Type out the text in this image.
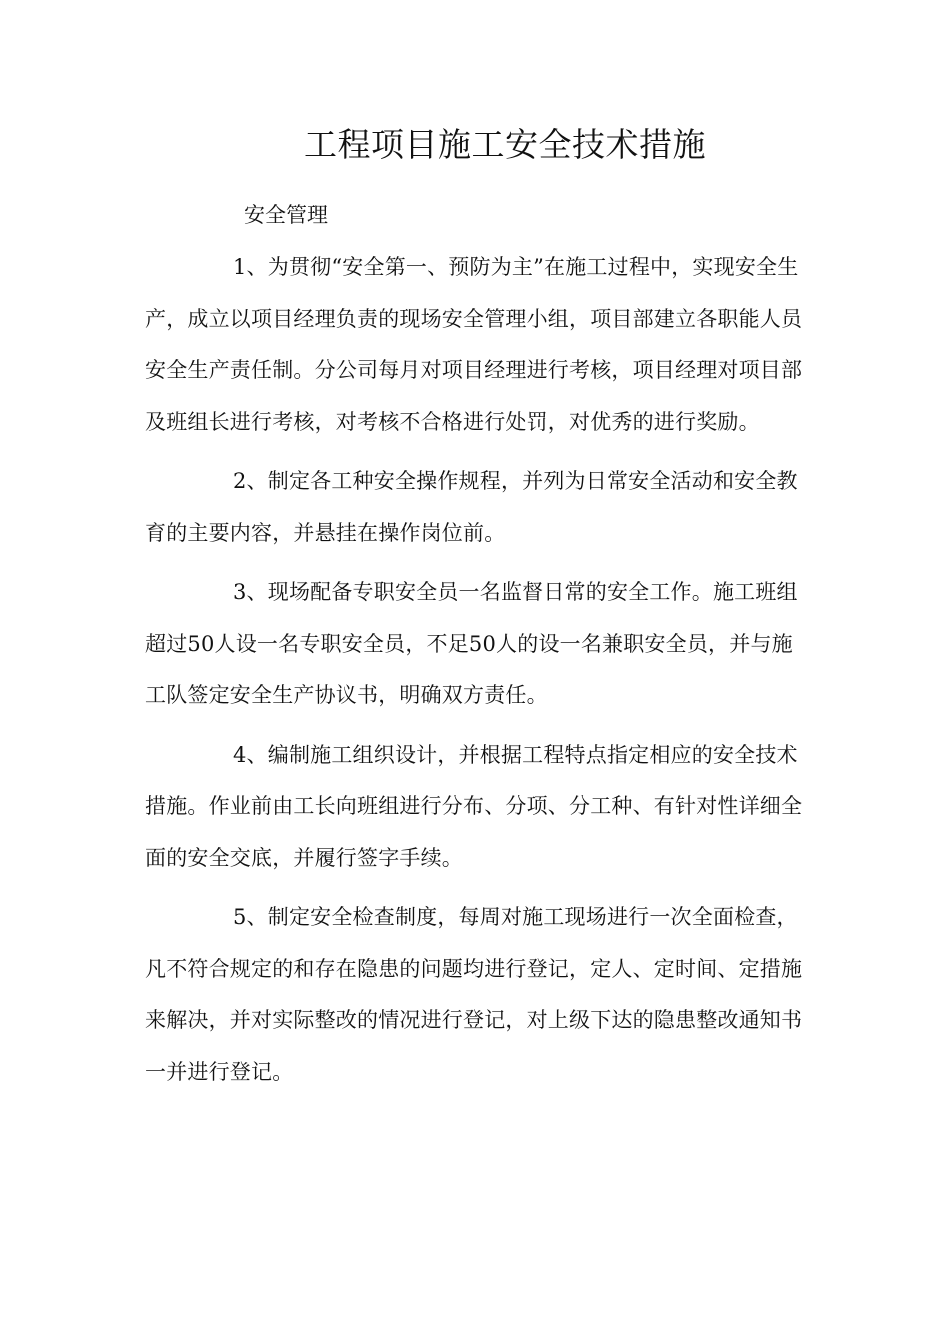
工程项目施工安全技术措施

安全管理

1、为贯彻“安全第一、预防为主”在施工过程中，实现安全生产，成立以项目经理负责的现场安全管理小组，项目部建立各职能人员安全生产责任制。分公司每月对项目经理进行考核，项目经理对项目部及班组长进行考核，对考核不合格进行处罚，对优秀的进行奖励。

2、制定各工种安全操作规程，并列为日常安全活动和安全教育的主要内容，并悬挂在操作岗位前。

3、现场配备专职安全员一名监督日常的安全工作。施工班组超过50人设一名专职安全员，不足50人的设一名兼职安全员，并与施工队签定安全生产协议书，明确双方责任。

4、编制施工组织设计，并根据工程特点指定相应的安全技术措施。作业前由工长向班组进行分布、分项、分工种、有针对性详细全面的安全交底，并履行签字手续。

5、制定安全检查制度，每周对施工现场进行一次全面检查，凡不符合规定的和存在隐患的问题均进行登记，定人、定时间、定措施来解决，并对实际整改的情况进行登记，对上级下达的隐患整改通知书一并进行登记。
